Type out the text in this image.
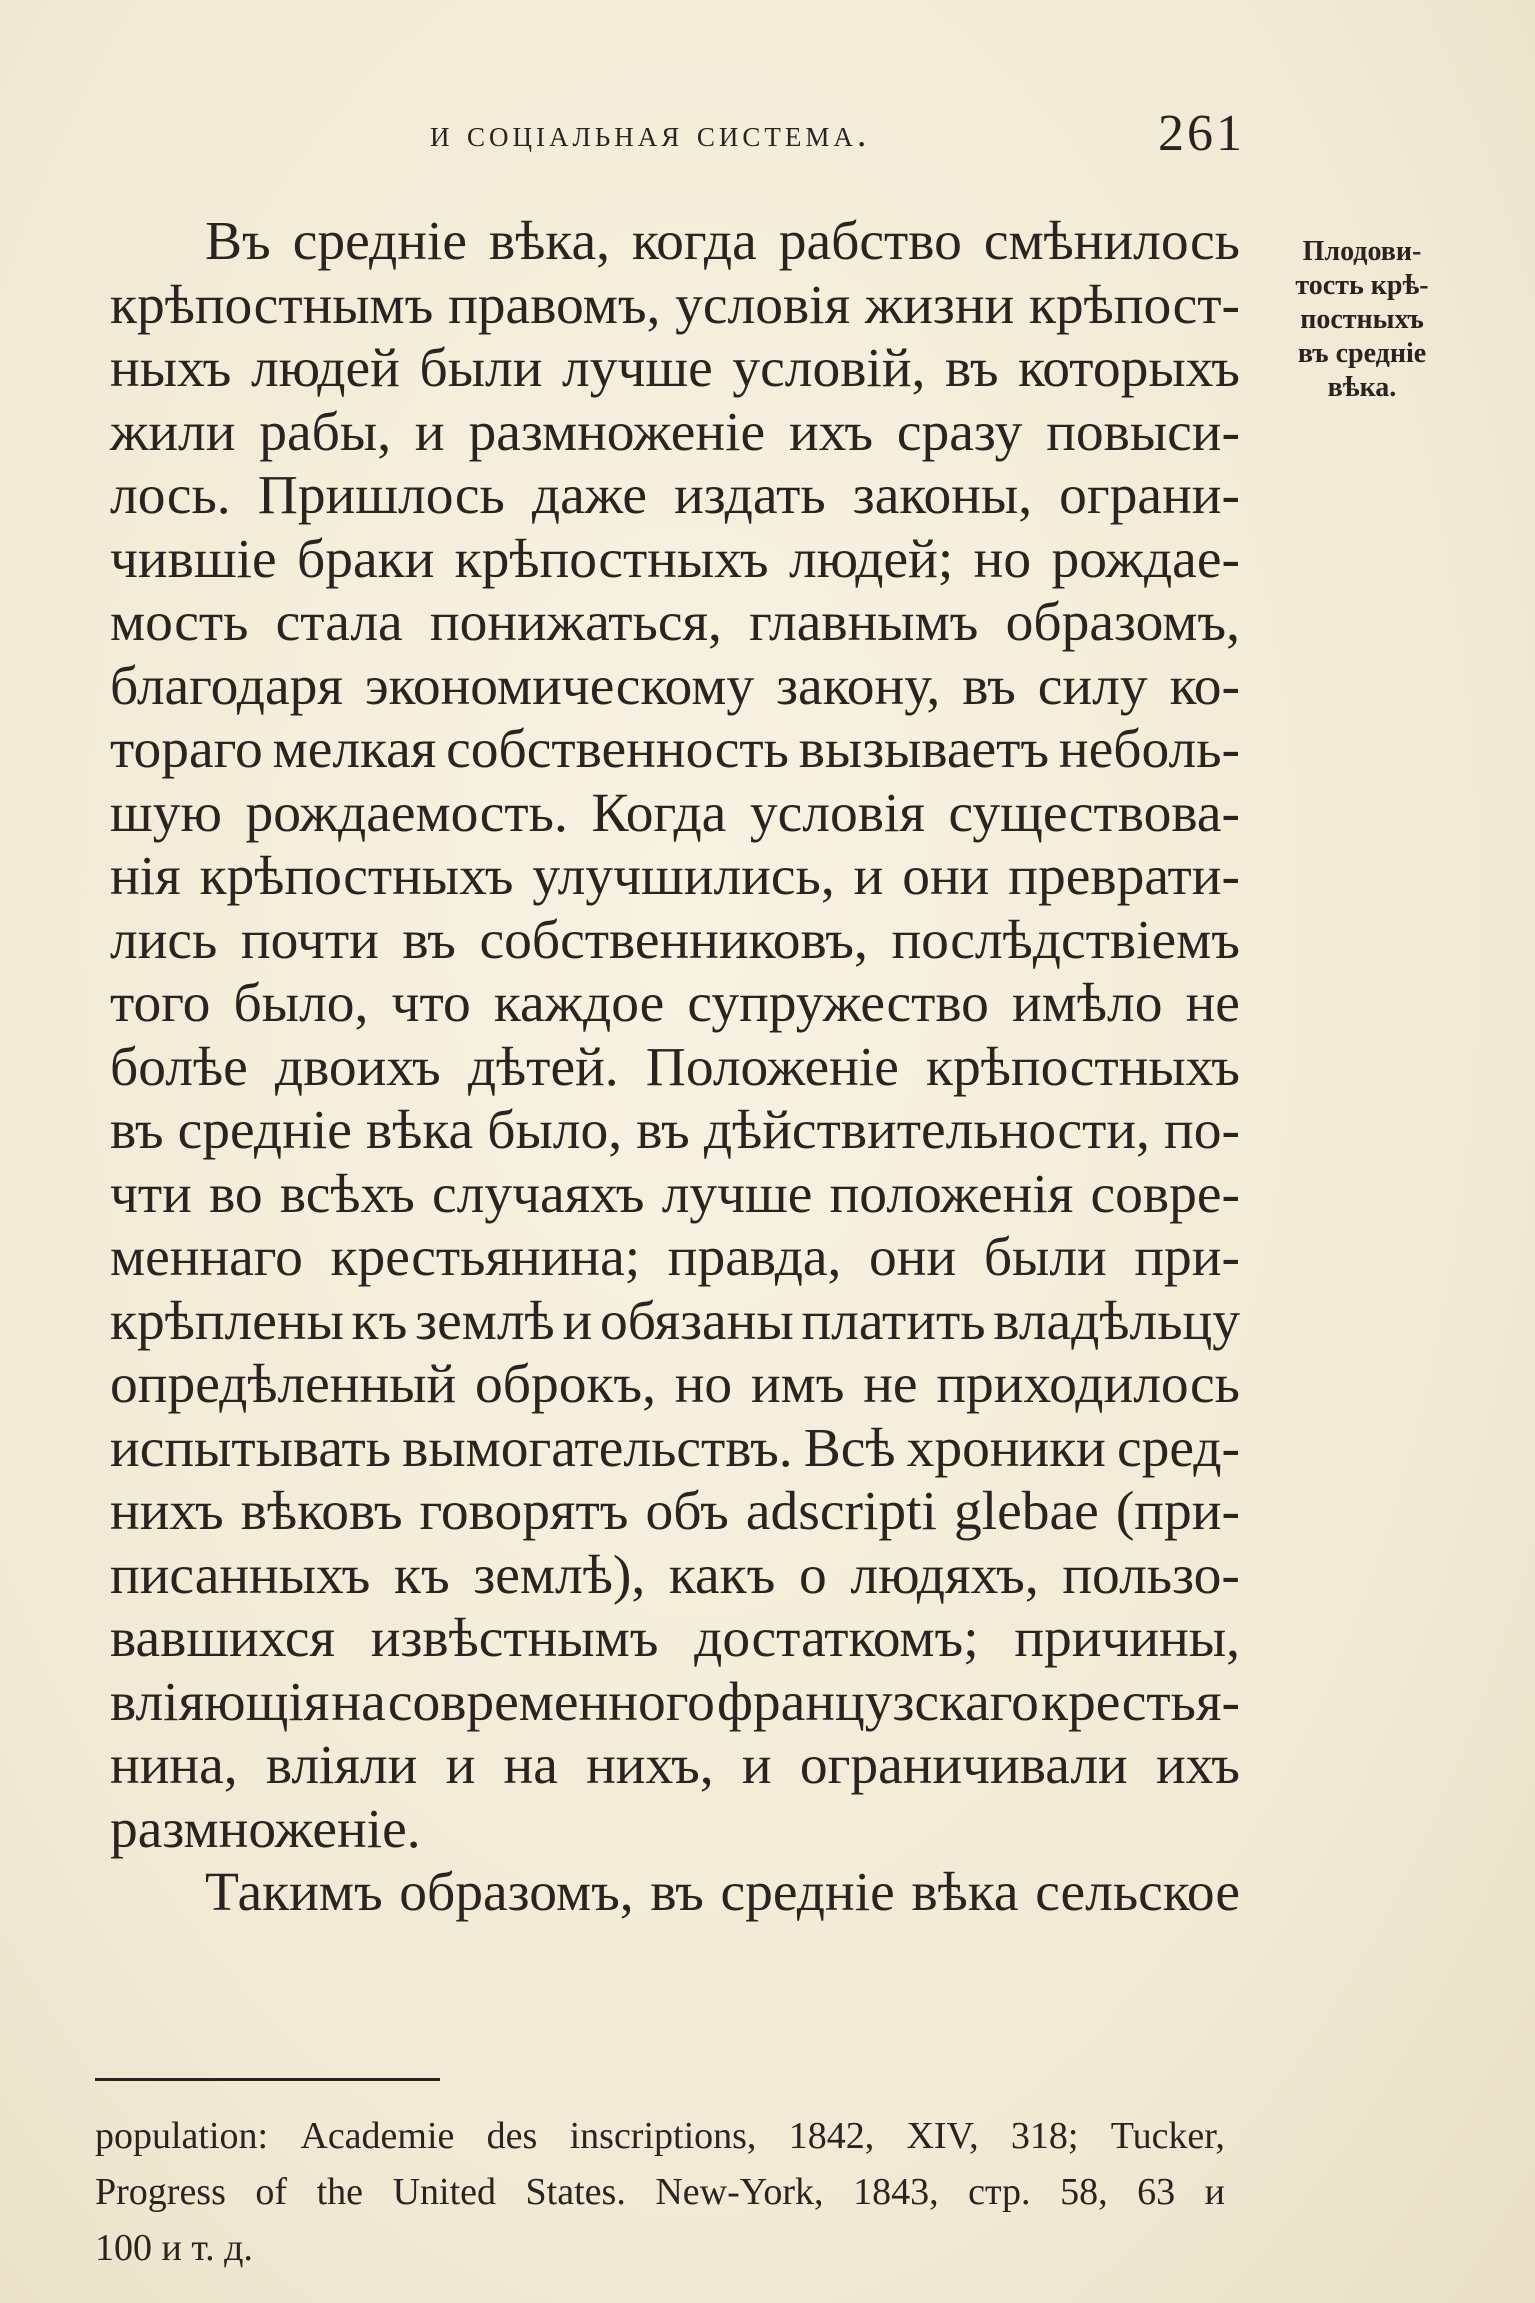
и соціальная система.	261
Въ средніе вѣка, когда рабство смѣнилось
крѣпостнымъ правомъ, условія жизни крѣпост-
ныхъ людей были лучше условій, въ которыхъ
жили рабы, и размноженіе ихъ сразу повыси-
лось. Пришлось даже издать законы, ограни-
чившіе браки крѣпостныхъ людей; но рождае-
мость стала понижаться, главнымъ образомъ,
благодаря экономическому закону, въ силу ко-
тораго мелкая собственность вызываетъ неболь-
шую рождаемость. Когда условія существова-
нія крѣпостныхъ улучшились, и они преврати-
лись почти въ собственниковъ, послѣдствіемъ
того было, что каждое супружество имѣло не
болѣе двоихъ дѣтей. Положеніе крѣпостныхъ
въ средніе вѣка было, въ дѣйствительности, по-
чти во всѣхъ случаяхъ лучше положенія совре-
меннаго крестьянина; правда, они были при-
крѣплены къ землѣ и обязаны платить владѣльцу
опредѣленный оброкъ, но имъ не приходилось
испытывать вымогательствъ. Всѣ хроники сред-
нихъ вѣковъ говорятъ объ adscripti glebae (при-
писанныхъ къ землѣ), какъ о людяхъ, пользо-
вавшихся извѣстнымъ достаткомъ; причины,
вліяющія на современного французскаго крестья-
нина, вліяли и на нихъ, и ограничивали ихъ
размноженіе.
Такимъ образомъ, въ средніе вѣка сельское
Плодови-
тость крѣ-
постныхъ
въ средніе
вѣка.
population: Academie des inscriptions, 1842, XIV, 318; Tucker,
Progress of the United States. New-York, 1843, стр. 58, 63 и
100 и т. д.
